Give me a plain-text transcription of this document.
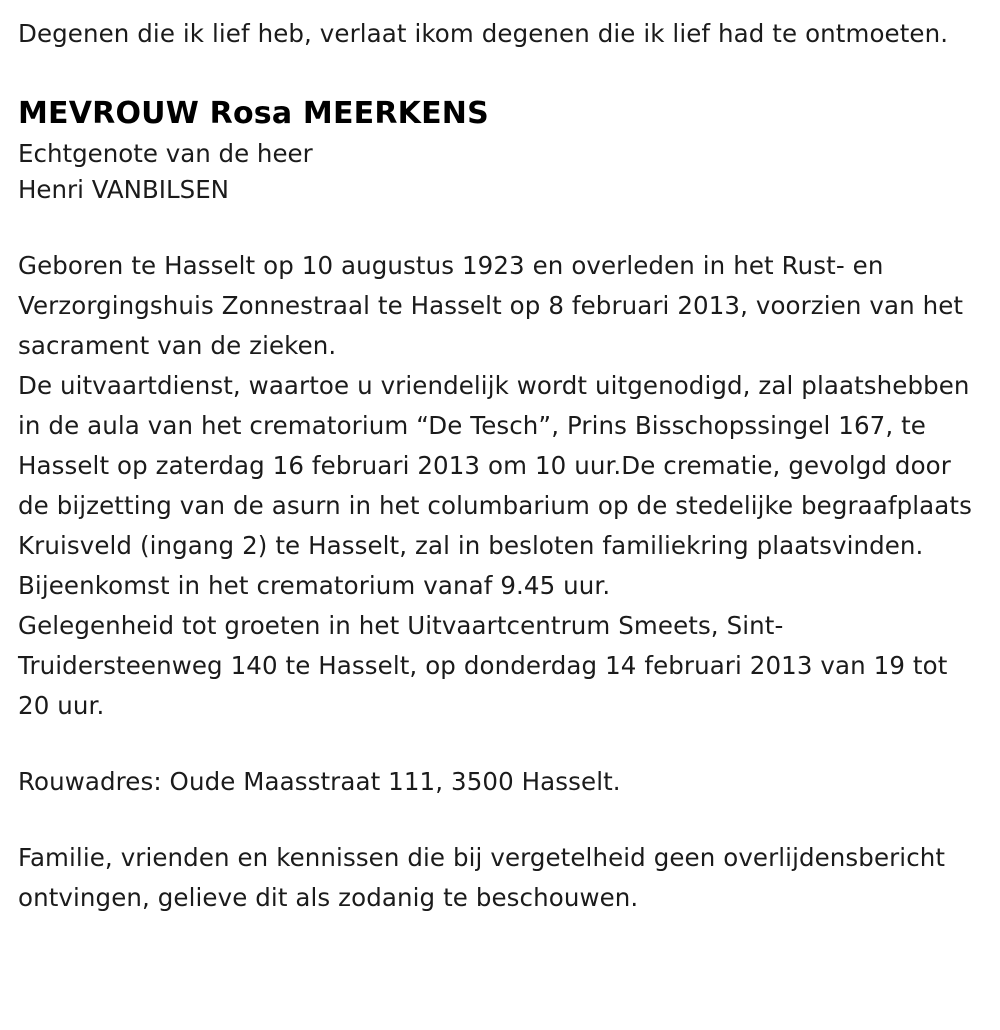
Degenen die ik lief heb, verlaat ikom degenen die ik lief had te ontmoeten.

MEVROUW Rosa MEERKENS

Echtgenote van de heer

Henri VANBILSEN

Geboren te Hasselt op 10 augustus 1923 en overleden in het Rust- en Verzorgingshuis Zonnestraal te Hasselt op 8 februari 2013, voorzien van het sacrament van de zieken.

De uitvaartdienst, waartoe u vriendelijk wordt uitgenodigd, zal plaatshebben in de aula van het crematorium “De Tesch”, Prins Bisschopssingel 167, te Hasselt op zaterdag 16 februari 2013 om 10 uur.De crematie, gevolgd door de bijzetting van de asurn in het columbarium op de stedelijke begraafplaats Kruisveld (ingang 2) te Hasselt, zal in besloten familiekring plaatsvinden.

Bijeenkomst in het crematorium vanaf 9.45 uur.

Gelegenheid tot groeten in het Uitvaartcentrum Smeets, Sint-Truidersteenweg 140 te Hasselt, op donderdag 14 februari 2013 van 19 tot 20 uur.

Rouwadres: Oude Maasstraat 111, 3500 Hasselt.

Familie, vrienden en kennissen die bij vergetelheid geen overlijdensbericht ontvingen, gelieve dit als zodanig te beschouwen.
